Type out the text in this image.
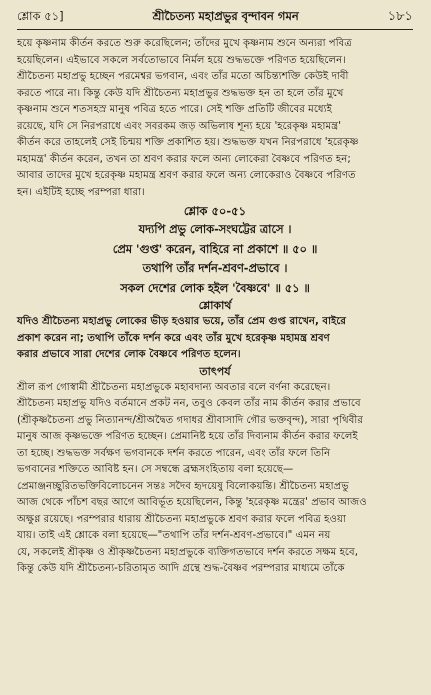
শ্লোক ৫১]	শ্রীচৈতন্য মহাপ্রভুর বৃন্দাবন গমন	১৮১

হয়ে কৃষ্ণনাম কীর্তন করতে শুরু করেছিলেন; তাঁদের মুখে কৃষ্ণনাম শুনে অন্যরা পবিত্র

হয়েছিলেন। এইভাবে সকলে সর্বতোভাবে নির্মল হয়ে শুদ্ধভক্তে পরিণত হয়েছিলেন।

শ্রীচৈতন্য মহাপ্রভু হচ্ছেন পরমেশ্বর ভগবান, এবং তাঁর মতো অচিন্ত্যশক্তি কেউই দাবী

করতে পারে না। কিন্তু কেউ যদি শ্রীচৈতন্য মহাপ্রভুর শুদ্ধভক্ত হন তা হলে তাঁর মুখে

কৃষ্ণনাম শুনে শতসহস্র মানুষ পবিত্র হতে পারে। সেই শক্তি প্রতিটি জীবের মধ্যেই

রয়েছে, যদি সে নিরপরাধে এবং সবরকম জড় অভিলাষ শূন্য হয়ে 'হরেকৃষ্ণ মহামন্ত্র'

কীর্তন করে তাহলেই সেই চিন্ময় শক্তি প্রকাশিত হয়। শুদ্ধভক্ত যখন নিরপরাধে 'হরেকৃষ্ণ

মহামন্ত্র' কীর্তন করেন, তখন তা শ্রবণ করার ফলে অন্য লোকেরা বৈষ্ণবে পরিণত হন;

আবার তাদের মুখে হরেকৃষ্ণ মহামন্ত্র শ্রবণ করার ফলে অন্য লোকেরাও বৈষ্ণবে পরিণত

হন। এইটিই হচ্ছে পরম্পরা ধারা।

শ্লোক ৫০-৫১
যদ্যপি প্রভু লোক-সংঘট্টের ত্রাসে ।
প্রেম 'গুপ্ত' করেন, বাহিরে না প্রকাশে ॥ ৫০ ॥
তথাপি তাঁর দর্শন-শ্রবণ-প্রভাবে ।
সকল দেশের লোক হইল 'বৈষ্ণবে' ॥ ৫১ ॥
শ্লোকার্থ

যদিও শ্রীচৈতন্য মহাপ্রভু লোকের ভীড় হওয়ার ভয়ে, তাঁর প্রেম গুপ্ত রাখেন, বাইরে

প্রকাশ করেন না; তথাপি তাঁকে দর্শন করে এবং তাঁর মুখে হরেকৃষ্ণ মহামন্ত্র শ্রবণ

করার প্রভাবে সারা দেশের লোক বৈষ্ণবে পরিণত হলেন।

তাৎপর্য

শ্রীল রূপ গোস্বামী শ্রীচৈতন্য মহাপ্রভুকে মহাবদান্য অবতার বলে বর্ণনা করেছেন।

শ্রীচৈতন্য মহাপ্রভু যদিও বর্তমানে প্রকট নন, তবুও কেবল তাঁর নাম কীর্তন করার প্রভাবে

(শ্রীকৃষ্ণচৈতন্য প্রভু নিত্যানন্দ/শ্রীঅদ্বৈত গদাধর শ্রীবাসাদি গৌর ভক্তবৃন্দ), সারা পৃথিবীর

মানুষ আজ কৃষ্ণভক্তে পরিণত হচ্ছেন। প্রেমানিষ্ট হয়ে তাঁর দিব্যনাম কীর্তন করার ফলেই

তা হচ্ছে। শুদ্ধভক্ত সর্বক্ষণ ভগবানকে দর্শন করতে পারেন, এবং তাঁর ফলে তিনি

ভগবানের শক্তিতে আবিষ্ট হন। সে সম্বন্ধে ব্রহ্মসংহিতায় বলা হয়েছে—

প্রেমাঞ্জনচ্ছুরিতভক্তিবিলোচনেন সন্তঃ সদৈব হৃদয়েষু বিলোকয়ন্তি। শ্রীচৈতন্য মহাপ্রভু

আজ থেকে পাঁচশ বছর আগে আবির্ভূত হয়েছিলেন, কিন্তু 'হরেকৃষ্ণ মন্ত্রের' প্রভাব আজও

অক্ষুণ্ণ রয়েছে। পরম্পরার ধারায় শ্রীচৈতন্য মহাপ্রভুকে শ্রবণ করার ফলে পবিত্র হওয়া

যায়। তাই এই শ্লোকে বলা হয়েছে—"তথাপি তাঁর দর্শন-শ্রবণ-প্রভাবে।" এমন নয়

যে, সকলেই শ্রীকৃষ্ণ ও শ্রীকৃষ্ণচৈতন্য মহাপ্রভুকে ব্যক্তিগতভাবে দর্শন করতে সক্ষম হবে,

কিন্তু কেউ যদি শ্রীচৈতন্য-চরিতামৃত আদি গ্রন্থে শুদ্ধ-বৈষ্ণব পরম্পরার মাধ্যমে তাঁকে
